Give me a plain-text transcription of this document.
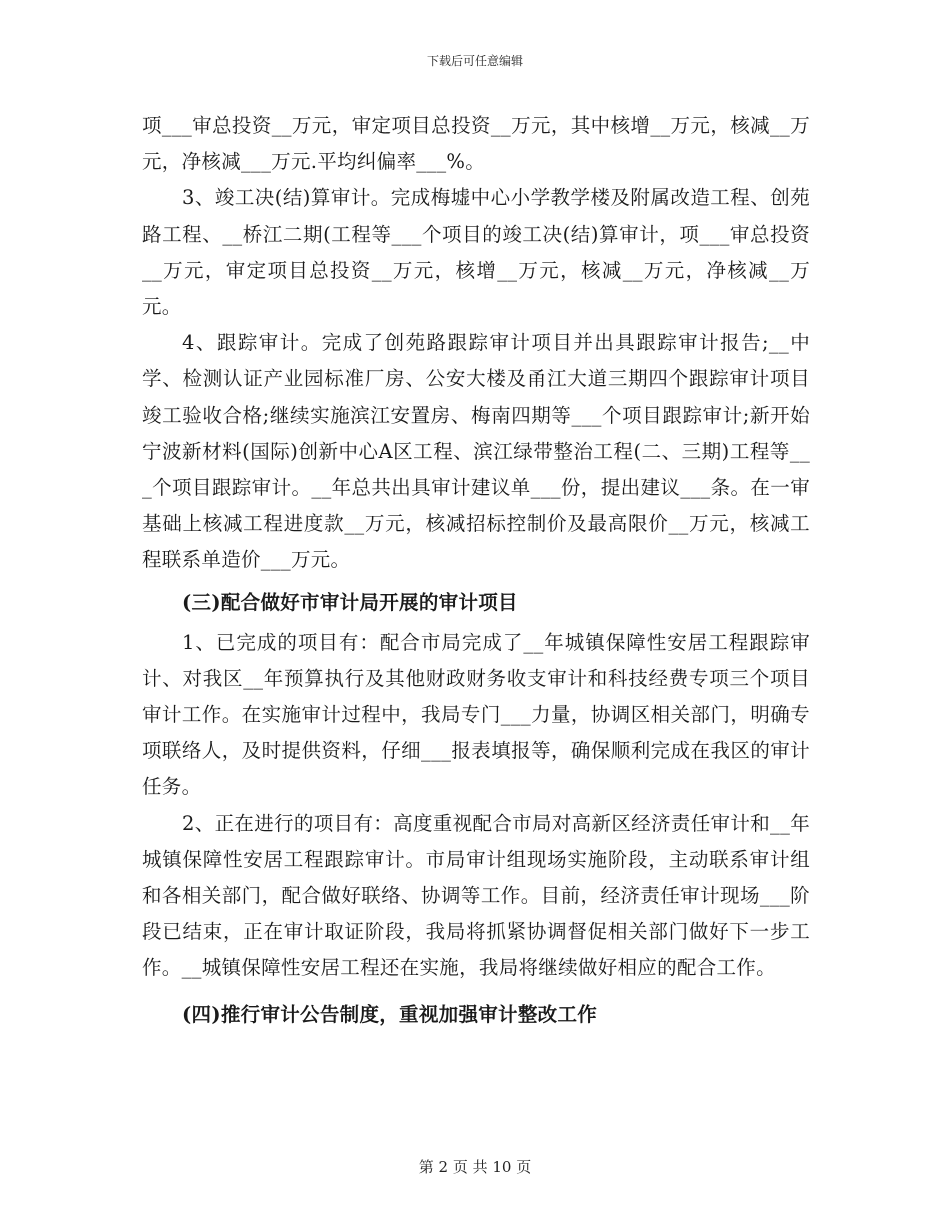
下载后可任意编辑

项___审总投资__万元，审定项目总投资__万元，其中核增__万元，核减__万元，净核减___万元.平均纠偏率___%。

3、竣工决(结)算审计。完成梅墟中心小学教学楼及附属改造工程、创苑路工程、__桥江二期(工程等___个项目的竣工决(结)算审计，项___审总投资__万元，审定项目总投资__万元，核增__万元，核减__万元，净核减__万元。

4、跟踪审计。完成了创苑路跟踪审计项目并出具跟踪审计报告;__中学、检测认证产业园标准厂房、公安大楼及甬江大道三期四个跟踪审计项目竣工验收合格;继续实施滨江安置房、梅南四期等___个项目跟踪审计;新开始宁波新材料(国际)创新中心A区工程、滨江绿带整治工程(二、三期)工程等___个项目跟踪审计。__年总共出具审计建议单___份，提出建议___条。在一审基础上核减工程进度款__万元，核减招标控制价及最高限价__万元，核减工程联系单造价___万元。

(三)配合做好市审计局开展的审计项目

1、已完成的项目有：配合市局完成了__年城镇保障性安居工程跟踪审计、对我区__年预算执行及其他财政财务收支审计和科技经费专项三个项目审计工作。在实施审计过程中，我局专门___力量，协调区相关部门，明确专项联络人，及时提供资料，仔细___报表填报等，确保顺利完成在我区的审计任务。

2、正在进行的项目有：高度重视配合市局对高新区经济责任审计和__年城镇保障性安居工程跟踪审计。市局审计组现场实施阶段，主动联系审计组和各相关部门，配合做好联络、协调等工作。目前，经济责任审计现场___阶段已结束，正在审计取证阶段，我局将抓紧协调督促相关部门做好下一步工作。__城镇保障性安居工程还在实施，我局将继续做好相应的配合工作。

(四)推行审计公告制度，重视加强审计整改工作

第 2 页 共 10 页
